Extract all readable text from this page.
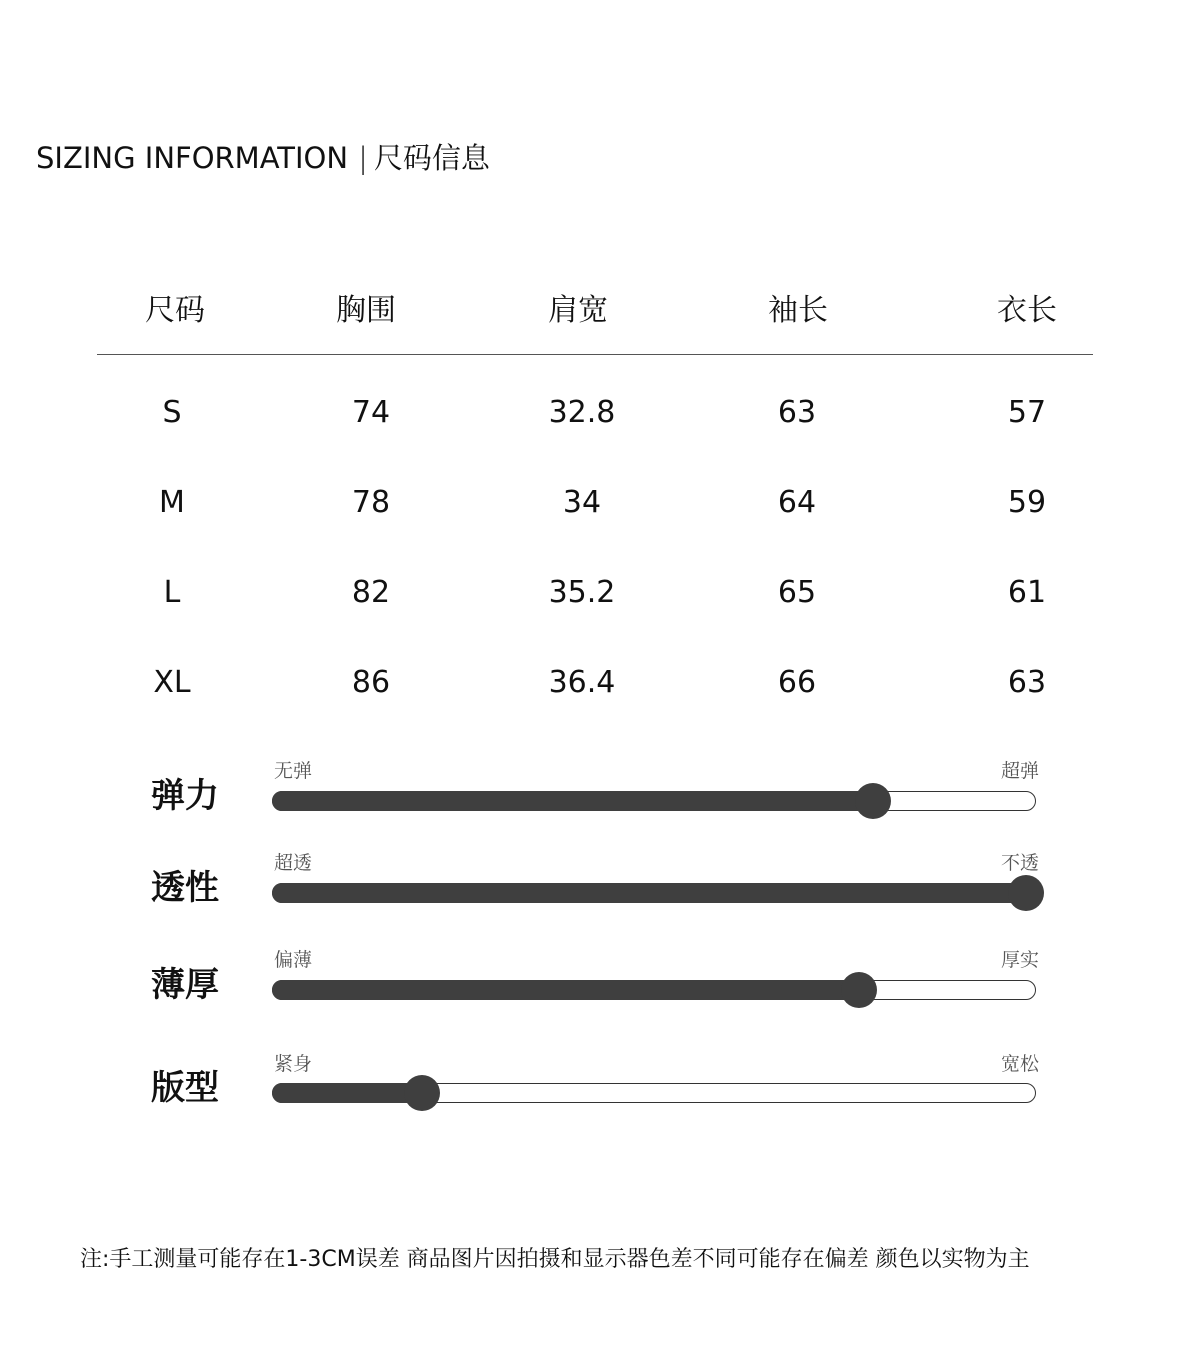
SIZING INFORMATION | 尺码信息
尺码	胸围	肩宽	袖长	衣长
S	74	32.8	63	57
M	78	34	64	59
L	82	35.2	65	61
XL	86	36.4	66	63
弹力
无弹	超弹
透性
超透	不透
薄厚
偏薄	厚实
版型
紧身	宽松
注:手工测量可能存在1-3CM误差 商品图片因拍摄和显示器色差不同可能存在偏差 颜色以实物为主
